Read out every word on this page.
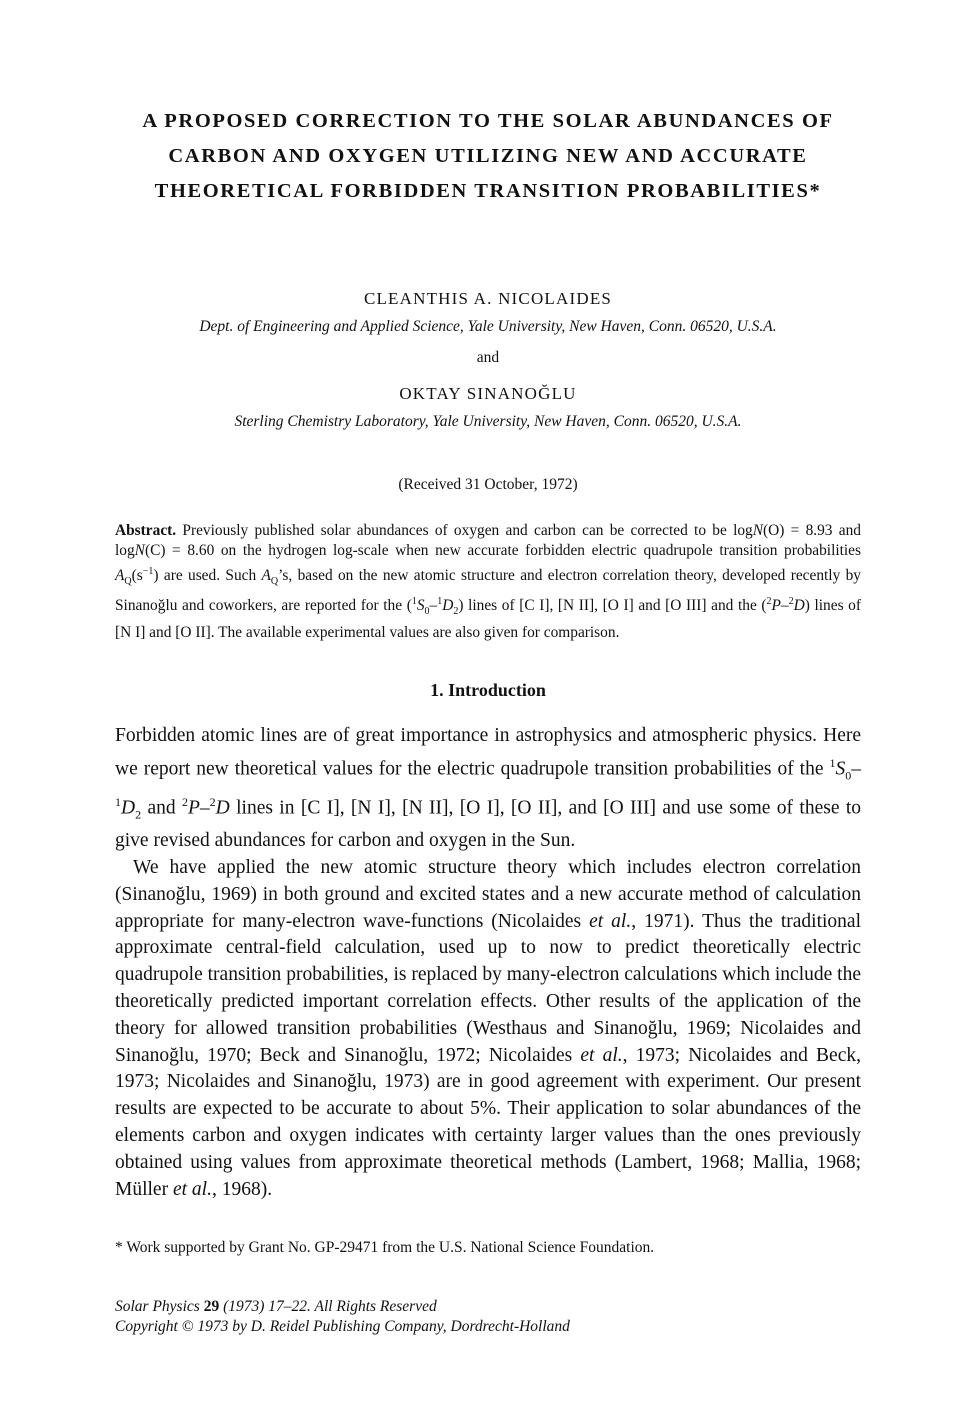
A PROPOSED CORRECTION TO THE SOLAR ABUNDANCES OF CARBON AND OXYGEN UTILIZING NEW AND ACCURATE THEORETICAL FORBIDDEN TRANSITION PROBABILITIES*

CLEANTHIS A. NICOLAIDES

Dept. of Engineering and Applied Science, Yale University, New Haven, Conn. 06520, U.S.A.

and

OKTAY SINANOĞLU

Sterling Chemistry Laboratory, Yale University, New Haven, Conn. 06520, U.S.A.

(Received 31 October, 1972)

Abstract. Previously published solar abundances of oxygen and carbon can be corrected to be logN(O) = 8.93 and logN(C) = 8.60 on the hydrogen log-scale when new accurate forbidden electric quadrupole transition probabilities $A_Q(s^{-1})$ are used. Such $A_Q’s$, based on the new atomic structure and electron correlation theory, developed recently by Sinanoğlu and coworkers, are reported for the $(^1S_0-^1D_2)$ lines of [C I], [N II], [O I] and [O III] and the ($^2$P–$^2$D) lines of [N I] and [O II]. The available experimental values are also given for comparison.

1. Introduction

Forbidden atomic lines are of great importance in astrophysics and atmospheric physics. Here we report new theoretical values for the electric quadrupole transition probabilities of the $^1S_0-^1D_2$ and $^2$P–$^2$D lines in [C I], [N I], [N II], [O I], [O II], and [O III] and use some of these to give revised abundances for carbon and oxygen in the Sun.

We have applied the new atomic structure theory which includes electron correlation (Sinanoğlu, 1969) in both ground and excited states and a new accurate method of calculation appropriate for many-electron wave-functions (Nicolaides et al., 1971). Thus the traditional approximate central-field calculation, used up to now to predict theoretically electric quadrupole transition probabilities, is replaced by many-electron calculations which include the theoretically predicted important correlation effects. Other results of the application of the theory for allowed transition probabilities (Westhaus and Sinanoğlu, 1969; Nicolaides and Sinanoğlu, 1970; Beck and Sinanoğlu, 1972; Nicolaides et al., 1973; Nicolaides and Beck, 1973; Nicolaides and Sinanoğlu, 1973) are in good agreement with experiment. Our present results are expected to be accurate to about 5%. Their application to solar abundances of the elements carbon and oxygen indicates with certainty larger values than the ones previously obtained using values from approximate theoretical methods (Lambert, 1968; Mallia, 1968; Müller et al., 1968).

* Work supported by Grant No. GP-29471 from the U.S. National Science Foundation.

Solar Physics 29 (1973) 17–22. All Rights Reserved
Copyright © 1973 by D. Reidel Publishing Company, Dordrecht-Holland
